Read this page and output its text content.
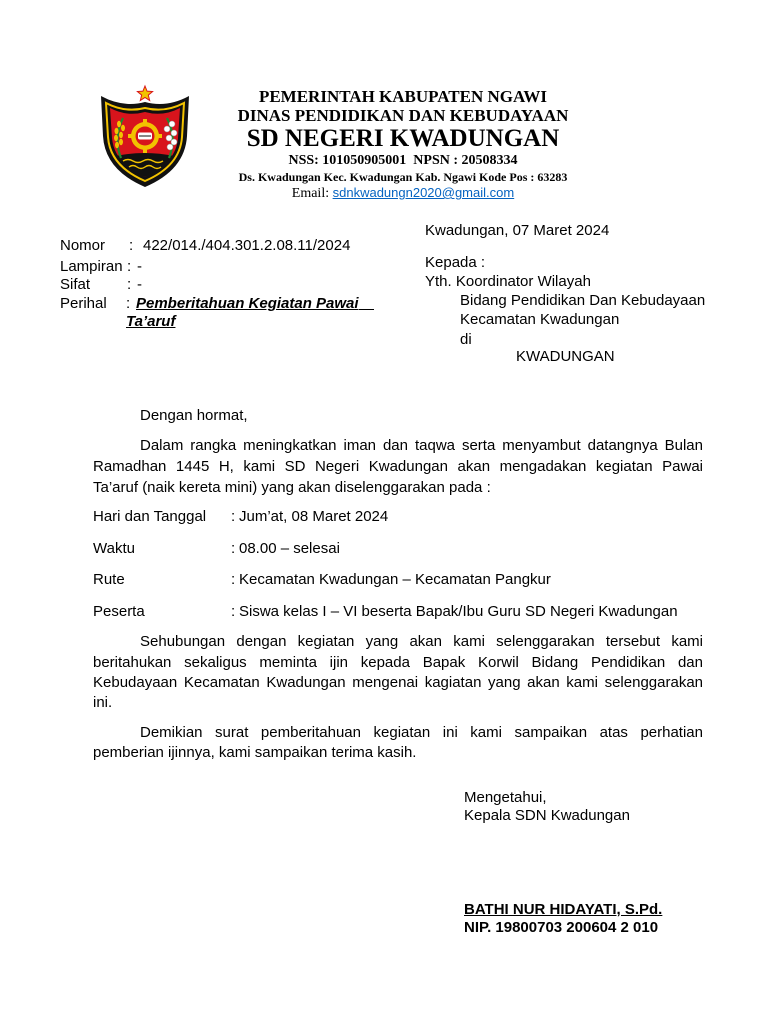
PEMERINTAH KABUPATEN NGAWI
DINAS PENDIDIKAN DAN KEBUDAYAAN
SD NEGERI KWADUNGAN
NSS: 101050905001  NPSN : 20508334
Ds. Kwadungan Kec. Kwadungan Kab. Ngawi Kode Pos : 63283
Email: sdnkwadungn2020@gmail.com
Kwadungan, 07 Maret 2024
Nomor : 422/014./404.301.2.08.11/2024
Lampiran : -
Sifat : -
Perihal : Pemberitahuan Kegiatan Pawai
Ta’aruf
Kepada :
Yth. Koordinator Wilayah
Bidang Pendidikan Dan Kebudayaan
Kecamatan Kwadungan
di
KWADUNGAN
Dengan hormat,
Dalam rangka meningkatkan iman dan taqwa serta menyambut datangnya Bulan
Ramadhan 1445 H, kami SD Negeri Kwadungan akan mengadakan kegiatan Pawai
Ta’aruf (naik kereta mini) yang akan diselenggarakan pada :
Hari dan Tanggal : Jum’at, 08 Maret 2024
Waktu	: 08.00 – selesai
Rute	: Kecamatan Kwadungan – Kecamatan Pangkur
Peserta	: Siswa kelas I – VI beserta Bapak/Ibu Guru SD Negeri Kwadungan
Sehubungan dengan kegiatan yang akan kami selenggarakan tersebut kami
beritahukan sekaligus meminta ijin kepada Bapak Korwil Bidang Pendidikan dan
Kebudayaan Kecamatan Kwadungan mengenai kagiatan yang akan kami selenggarakan
ini.
Demikian surat pemberitahuan kegiatan ini kami sampaikan atas perhatian
pemberian ijinnya, kami sampaikan terima kasih.
Mengetahui,
Kepala SDN Kwadungan
BATHI NUR HIDAYATI, S.Pd.
NIP. 19800703 200604 2 010
